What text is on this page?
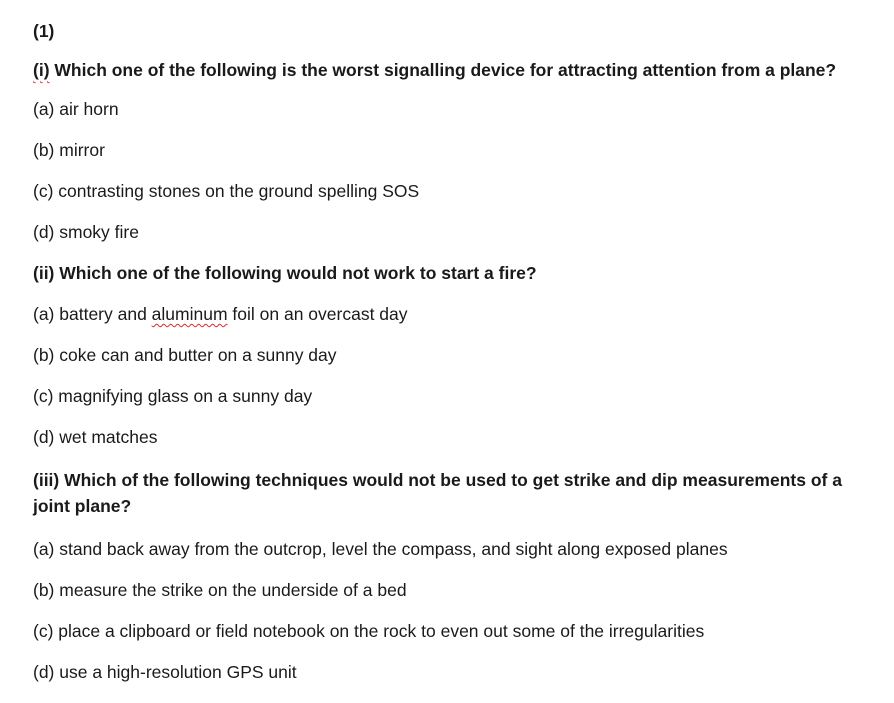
(1)

(i) Which one of the following is the worst signalling device for attracting attention from a plane?

(a) air horn

(b) mirror

(c) contrasting stones on the ground spelling SOS

(d) smoky fire

(ii) Which one of the following would not work to start a fire?

(a) battery and aluminum foil on an overcast day

(b) coke can and butter on a sunny day

(c) magnifying glass on a sunny day

(d) wet matches

(iii) Which of the following techniques would not be used to get strike and dip measurements of a joint plane?

(a) stand back away from the outcrop, level the compass, and sight along exposed planes

(b) measure the strike on the underside of a bed

(c) place a clipboard or field notebook on the rock to even out some of the irregularities

(d) use a high-resolution GPS unit
